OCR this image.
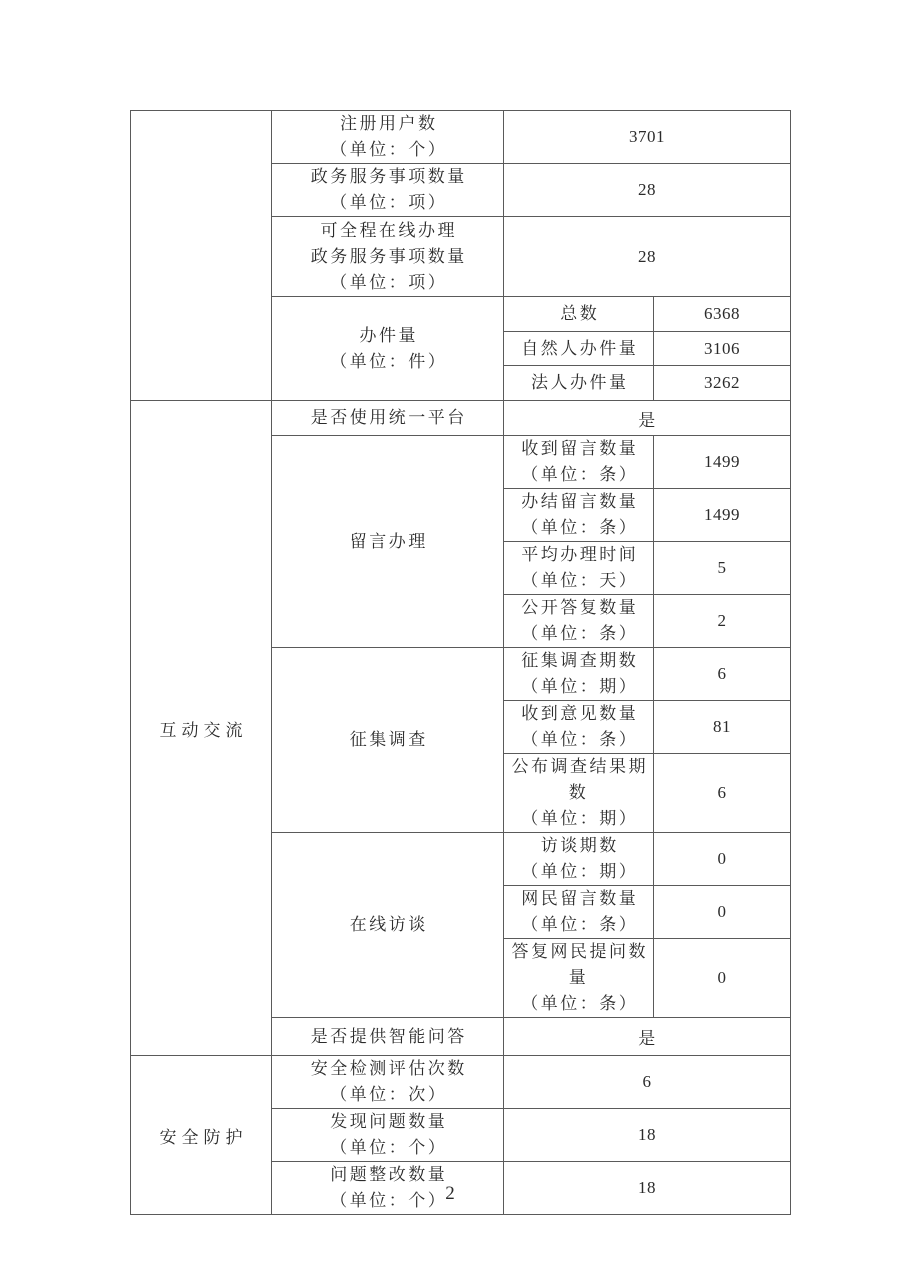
	注册用户数
（单位：个）	3701	

	政务服务事项数量
（单位：项）	28	

	可全程在线办理
政务服务事项数量
（单位：项）	28	

	办件量
（单位：件）	总数	6368

		自然人办件量	3106

		法人办件量	3262
互动交流	是否使用统一平台	是	

	留言办理	收到留言数量
（单位：条）	1499

		办结留言数量
（单位：条）	1499

		平均办理时间
（单位：天）	5

		公开答复数量
（单位：条）	2

	征集调查	征集调查期数
（单位：期）	6

		收到意见数量
（单位：条）	81

		公布调查结果期数
（单位：期）	6

	在线访谈	访谈期数
（单位：期）	0

		网民留言数量
（单位：条）	0

		答复网民提问数量
（单位：条）	0

	是否提供智能问答	是	
安全防护	安全检测评估次数
（单位：次）	6	

	发现问题数量
（单位：个）	18	

	问题整改数量
（单位：个）	18	
2
